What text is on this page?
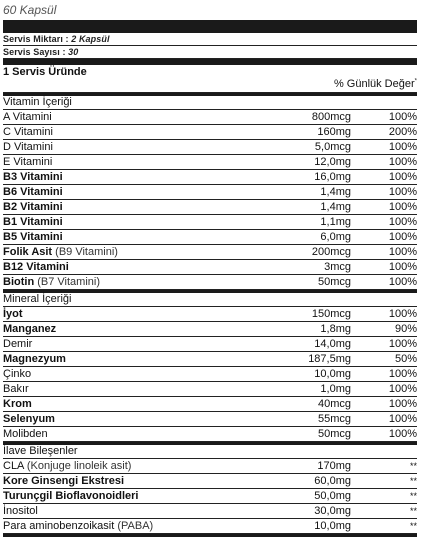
60 Kapsül
Servis Miktarı : 2 Kapsül
Servis Sayısı : 30
1 Servis Üründe
% Günlük Değer*
Vitamin İçeriği
A Vitamini	800mcg	100%
C Vitamini	160mg	200%
D Vitamini	5,0mcg	100%
E Vitamini	12,0mg	100%
B3 Vitamini	16,0mg	100%
B6 Vitamini	1,4mg	100%
B2 Vitamini	1,4mg	100%
B1 Vitamini	1,1mg	100%
B5 Vitamini	6,0mg	100%
Folik Asit (B9 Vitamini)	200mcg	100%
B12 Vitamini	3mcg	100%
Biotin (B7 Vitamini)	50mcg	100%
Mineral İçeriği
İyot	150mcg	100%
Manganez	1,8mg	90%
Demir	14,0mg	100%
Magnezyum	187,5mg	50%
Çinko	10,0mg	100%
Bakır	1,0mg	100%
Krom	40mcg	100%
Selenyum	55mcg	100%
Molibden	50mcg	100%
İlave Bileşenler
CLA (Konjuge linoleik asit)	170mg	**
Kore Ginsengi Ekstresi	60,0mg	**
Turunçgil Bioflavonoidleri	50,0mg	**
İnositol	30,0mg	**
Para aminobenzoikasit (PABA)	10,0mg	**
